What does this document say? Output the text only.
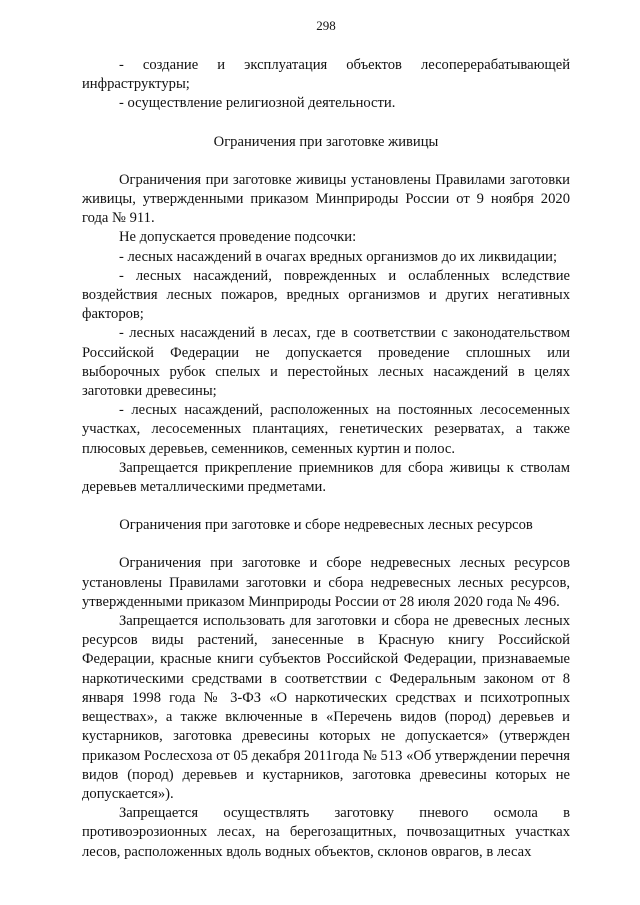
298

- создание и эксплуатация объектов лесоперерабатывающей инфраструктуры;

- осуществление религиозной деятельности.

Ограничения при заготовке живицы

Ограничения при заготовке живицы установлены Правилами заготовки живицы, утвержденными приказом Минприроды России от 9 ноября 2020 года № 911.

Не допускается проведение подсочки:

- лесных насаждений в очагах вредных организмов до их ликвидации;

- лесных насаждений, поврежденных и ослабленных вследствие воздействия лесных пожаров, вредных организмов и других негативных факторов;

- лесных насаждений в лесах, где в соответствии с законодательством Российской Федерации не допускается проведение сплошных или выборочных рубок спелых и перестойных лесных насаждений в целях заготовки древесины;

- лесных насаждений, расположенных на постоянных лесосеменных участках, лесосеменных плантациях, генетических резерватах, а также плюсовых деревьев, семенников, семенных куртин и полос.

Запрещается прикрепление приемников для сбора живицы к стволам деревьев металлическими предметами.

Ограничения при заготовке и сборе недревесных лесных ресурсов

Ограничения при заготовке и сборе недревесных лесных ресурсов установлены Правилами заготовки и сбора недревесных лесных ресурсов, утвержденными приказом Минприроды России от 28 июля 2020 года № 496.

Запрещается использовать для заготовки и сбора не древесных лесных ресурсов виды растений, занесенные в Красную книгу Российской Федерации, красные книги субъектов Российской Федерации, признаваемые наркотическими средствами в соответствии с Федеральным законом от 8 января 1998 года № 3-ФЗ «О наркотических средствах и психотропных веществах», а также включенные в «Перечень видов (пород) деревьев и кустарников, заготовка древесины которых не допускается» (утвержден приказом Рослесхоза от 05 декабря 2011года № 513 «Об утверждении перечня видов (пород) деревьев и кустарников, заготовка древесины которых не допускается»).

Запрещается осуществлять заготовку пневого осмола в противоэрозионных лесах, на берегозащитных, почвозащитных участках лесов, расположенных вдоль водных объектов, склонов оврагов, в лесах
